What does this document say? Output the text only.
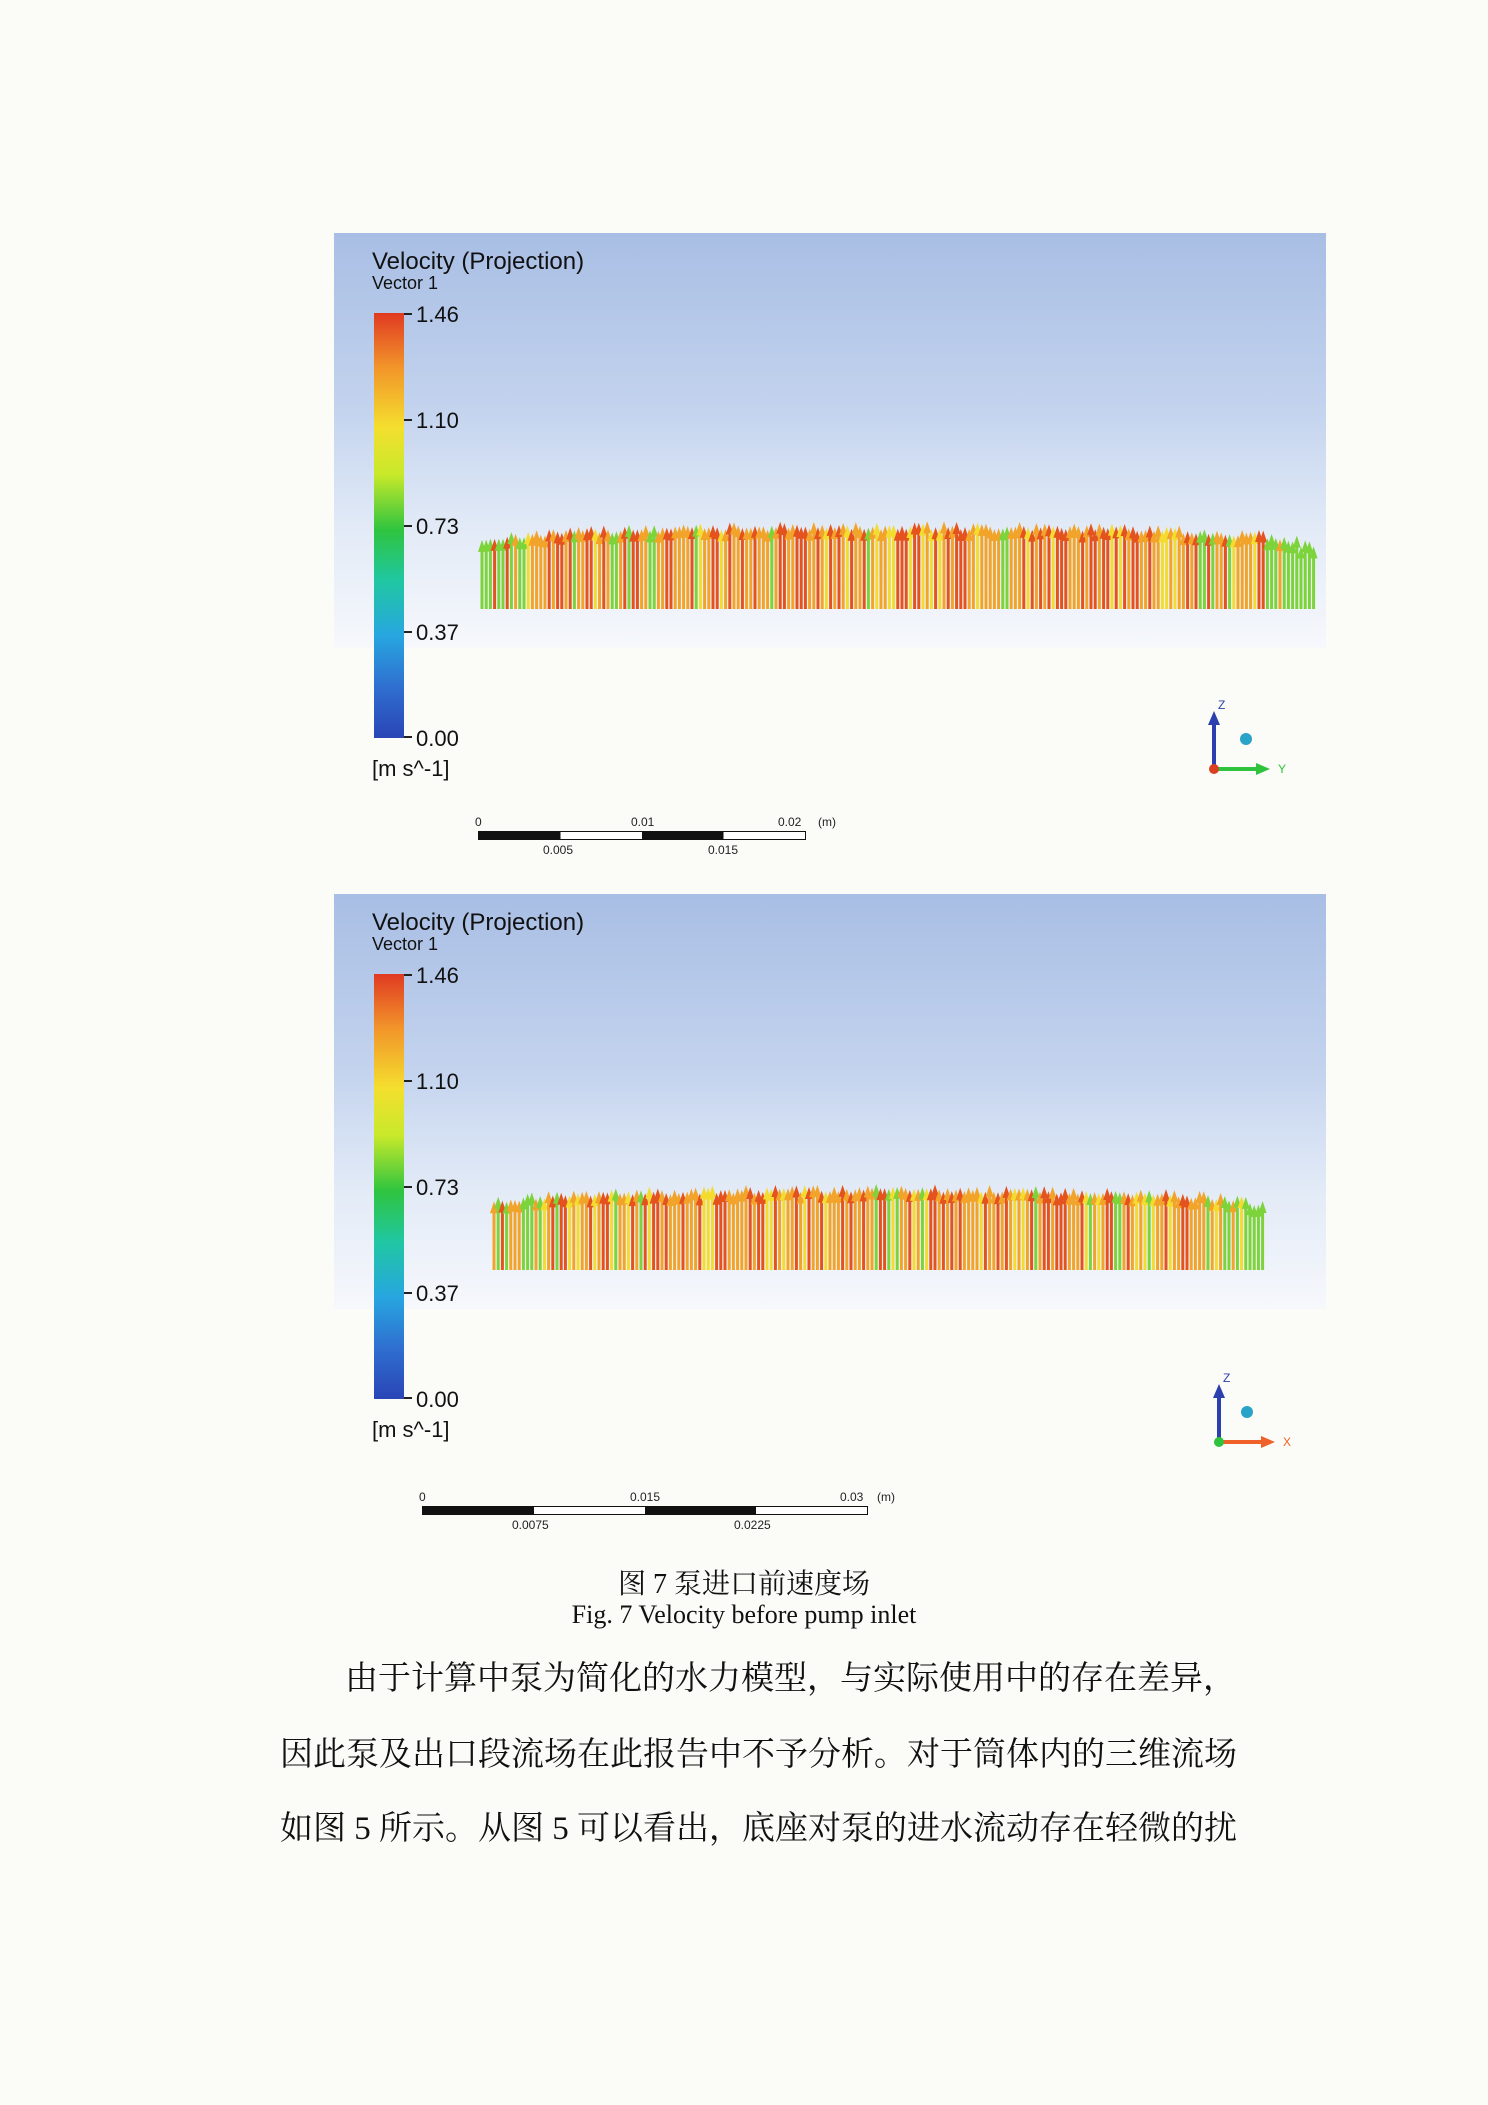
Velocity (Projection)
Vector 1
1.46
1.10
0.73
0.37
0.00
[m s^-1]
Z
Y
0	0.01	0.02 (m)
0.005	0.015
Velocity (Projection)
Vector 1
1.46
1.10
0.73
0.37
0.00
[m s^-1]
Z
X
0	0.015	0.03 (m)
0.0075	0.0225
图 7 泵进口前速度场
Fig. 7 Velocity before pump inlet
由于计算中泵为简化的水力模型，与实际使用中的存在差异，
因此泵及出口段流场在此报告中不予分析。对于筒体内的三维流场
如图 5 所示。从图 5 可以看出，底座对泵的进水流动存在轻微的扰
